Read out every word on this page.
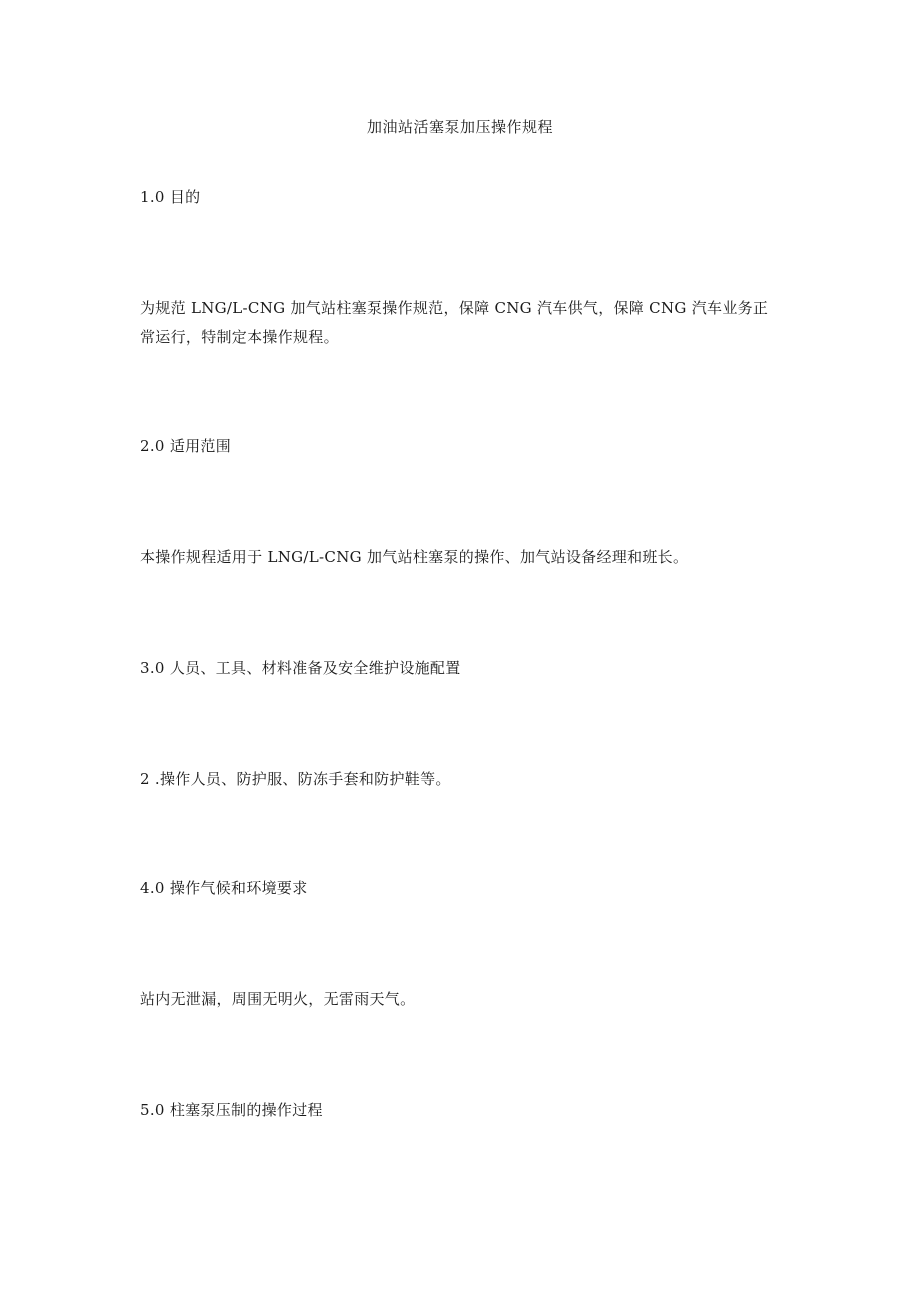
加油站活塞泵加压操作规程
1.0 目的
为规范 LNG/L-CNG 加气站柱塞泵操作规范，保障 CNG 汽车供气，保障 CNG 汽车业务正常运行，特制定本操作规程。
2.0 适用范围
本操作规程适用于 LNG/L-CNG 加气站柱塞泵的操作、加气站设备经理和班长。
3.0 人员、工具、材料准备及安全维护设施配置
2 .操作人员、防护服、防冻手套和防护鞋等。
4.0 操作气候和环境要求
站内无泄漏，周围无明火，无雷雨天气。
5.0 柱塞泵压制的操作过程
